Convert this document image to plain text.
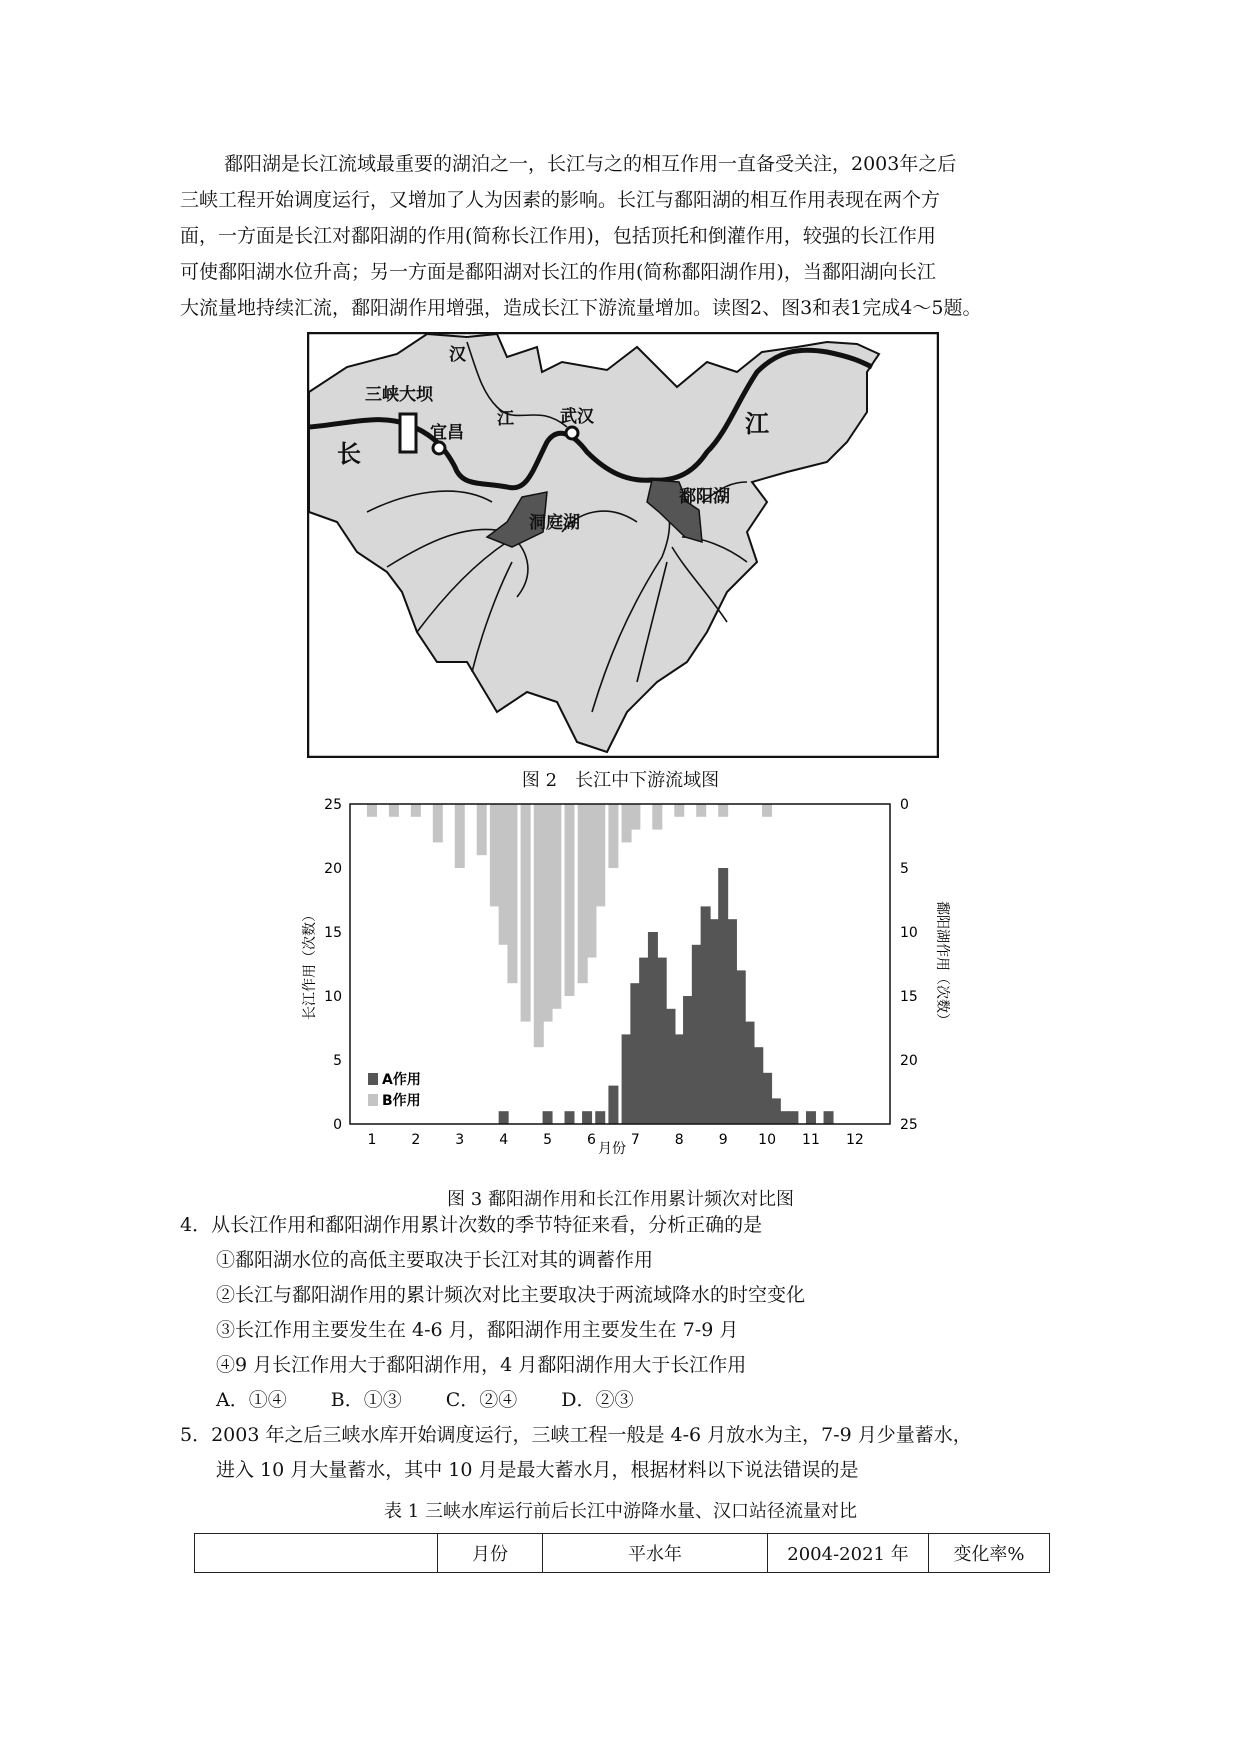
鄱阳湖是长江流域最重要的湖泊之一，长江与之的相互作用一直备受关注，2003年之后

三峡工程开始调度运行，又增加了人为因素的影响。长江与鄱阳湖的相互作用表现在两个方

面，一方面是长江对鄱阳湖的作用(简称长江作用)，包括顶托和倒灌作用，较强的长江作用

可使鄱阳湖水位升高；另一方面是鄱阳湖对长江的作用(简称鄱阳湖作用)，当鄱阳湖向长江

大流量地持续汇流，鄱阳湖作用增强，造成长江下游流量增加。读图2、图3和表1完成4～5题。

汉
三峡大坝
宜昌
江	武汉	江
长
鄱阳湖
洞庭湖
图 2　长江中下游流域图
0
5
10
15
20
25	0
5
10
15
20
25
1 2 3 4 5 6 7 8 9 10 11 12
月份
长江作用（次数）	鄱阳湖作用（次数）
A作用
B作用
图 3 鄱阳湖作用和长江作用累计频次对比图

4．从长江作用和鄱阳湖作用累计次数的季节特征来看，分析正确的是

①鄱阳湖水位的高低主要取决于长江对其的调蓄作用

②长江与鄱阳湖作用的累计频次对比主要取决于两流域降水的时空变化

③长江作用主要发生在 4-6 月，鄱阳湖作用主要发生在 7-9 月

④9 月长江作用大于鄱阳湖作用，4 月鄱阳湖作用大于长江作用

A．①④ B．①③ C．②④ D．②③

5．2003 年之后三峡水库开始调度运行，三峡工程一般是 4-6 月放水为主，7-9 月少量蓄水，

进入 10 月大量蓄水，其中 10 月是最大蓄水月，根据材料以下说法错误的是

表 1 三峡水库运行前后长江中游降水量、汉口站径流量对比
	月份	平水年	2004-2021 年	变化率%
